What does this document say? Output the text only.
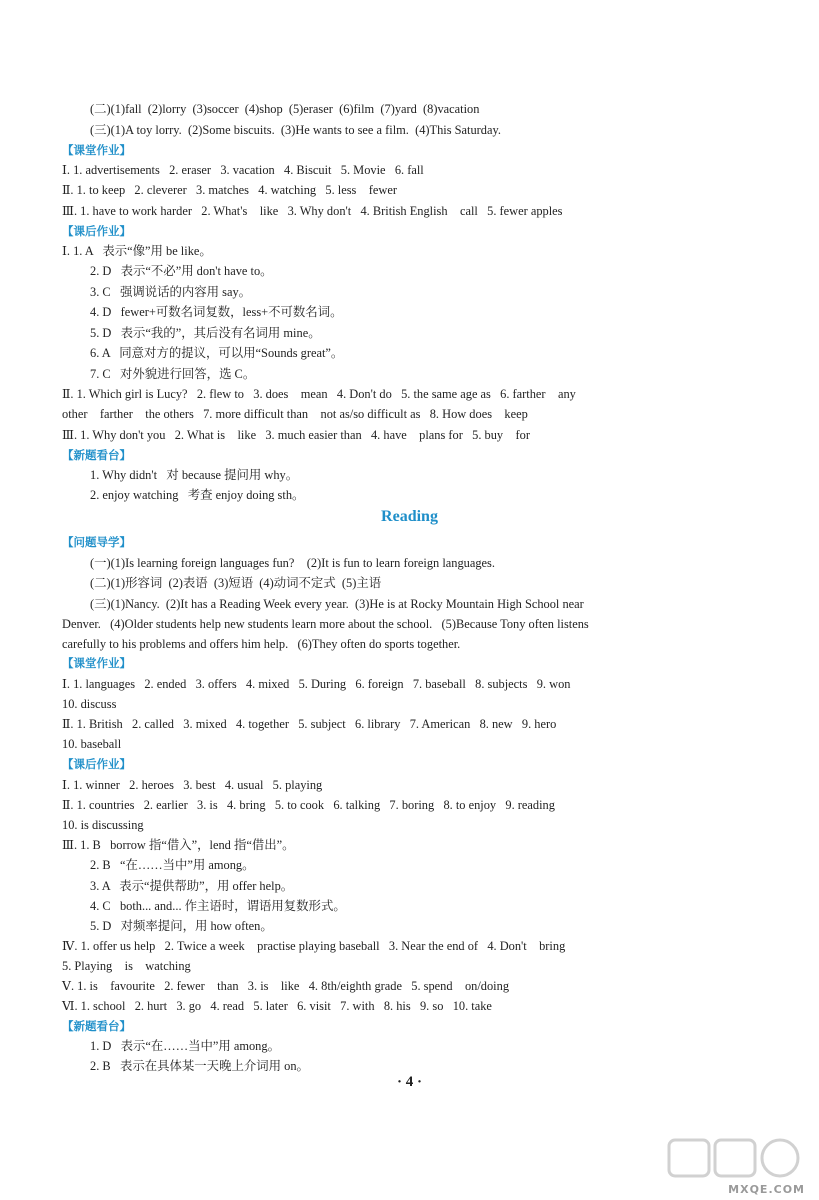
(二)(1)fall  (2)lorry  (3)soccer  (4)shop  (5)eraser  (6)film  (7)yard  (8)vacation
(三)(1)A toy lorry.  (2)Some biscuits.  (3)He wants to see a film.  (4)This Saturday.
【课堂作业】
Ⅰ. 1. advertisements   2. eraser   3. vacation   4. Biscuit   5. Movie   6. fall
Ⅱ. 1. to keep   2. cleverer   3. matches   4. watching   5. less    fewer
Ⅲ. 1. have to work harder   2. What's    like   3. Why don't   4. British English    call   5. fewer apples
【课后作业】
Ⅰ. 1. A   表示“像”用 be like。
2. D   表示“不必”用 don't have to。
3. C   强调说话的内容用 say。
4. D   fewer+可数名词复数，less+不可数名词。
5. D   表示“我的”，其后没有名词用 mine。
6. A   同意对方的提议，可以用“Sounds great”。
7. C   对外貌进行回答，选 C。
Ⅱ. 1. Which girl is Lucy?   2. flew to   3. does    mean   4. Don't do   5. the same age as   6. farther    any
other    farther    the others   7. more difficult than    not as/so difficult as   8. How does    keep
Ⅲ. 1. Why don't you   2. What is    like   3. much easier than   4. have    plans for   5. buy    for
【新题看台】
1. Why didn't   对 because 提问用 why。
2. enjoy watching   考查 enjoy doing sth。
【问题导学】
(一)(1)Is learning foreign languages fun?    (2)It is fun to learn foreign languages.
(二)(1)形容词  (2)表语  (3)短语  (4)动词不定式  (5)主语
(三)(1)Nancy.  (2)It has a Reading Week every year.  (3)He is at Rocky Mountain High School near
Denver.   (4)Older students help new students learn more about the school.   (5)Because Tony often listens
carefully to his problems and offers him help.   (6)They often do sports together.
【课堂作业】
Ⅰ. 1. languages   2. ended   3. offers   4. mixed   5. During   6. foreign   7. baseball   8. subjects   9. won
10. discuss
Ⅱ. 1. British   2. called   3. mixed   4. together   5. subject   6. library   7. American   8. new   9. hero
10. baseball
【课后作业】
Ⅰ. 1. winner   2. heroes   3. best   4. usual   5. playing
Ⅱ. 1. countries   2. earlier   3. is   4. bring   5. to cook   6. talking   7. boring   8. to enjoy   9. reading
10. is discussing
Ⅲ. 1. B   borrow 指“借入”，lend 指“借出”。
2. B   “在……当中”用 among。
3. A   表示“提供帮助”，用 offer help。
4. C   both... and... 作主语时，谓语用复数形式。
5. D   对频率提问，用 how often。
Ⅳ. 1. offer us help   2. Twice a week    practise playing baseball   3. Near the end of   4. Don't    bring
5. Playing    is    watching
Ⅴ. 1. is    favourite   2. fewer    than   3. is    like   4. 8th/eighth grade   5. spend    on/doing
Ⅵ. 1. school   2. hurt   3. go   4. read   5. later   6. visit   7. with   8. his   9. so   10. take
【新题看台】
1. D   表示“在……当中”用 among。
2. B   表示在具体某一天晚上介词用 on。
Reading
· 4 ·
MXQE.COM
